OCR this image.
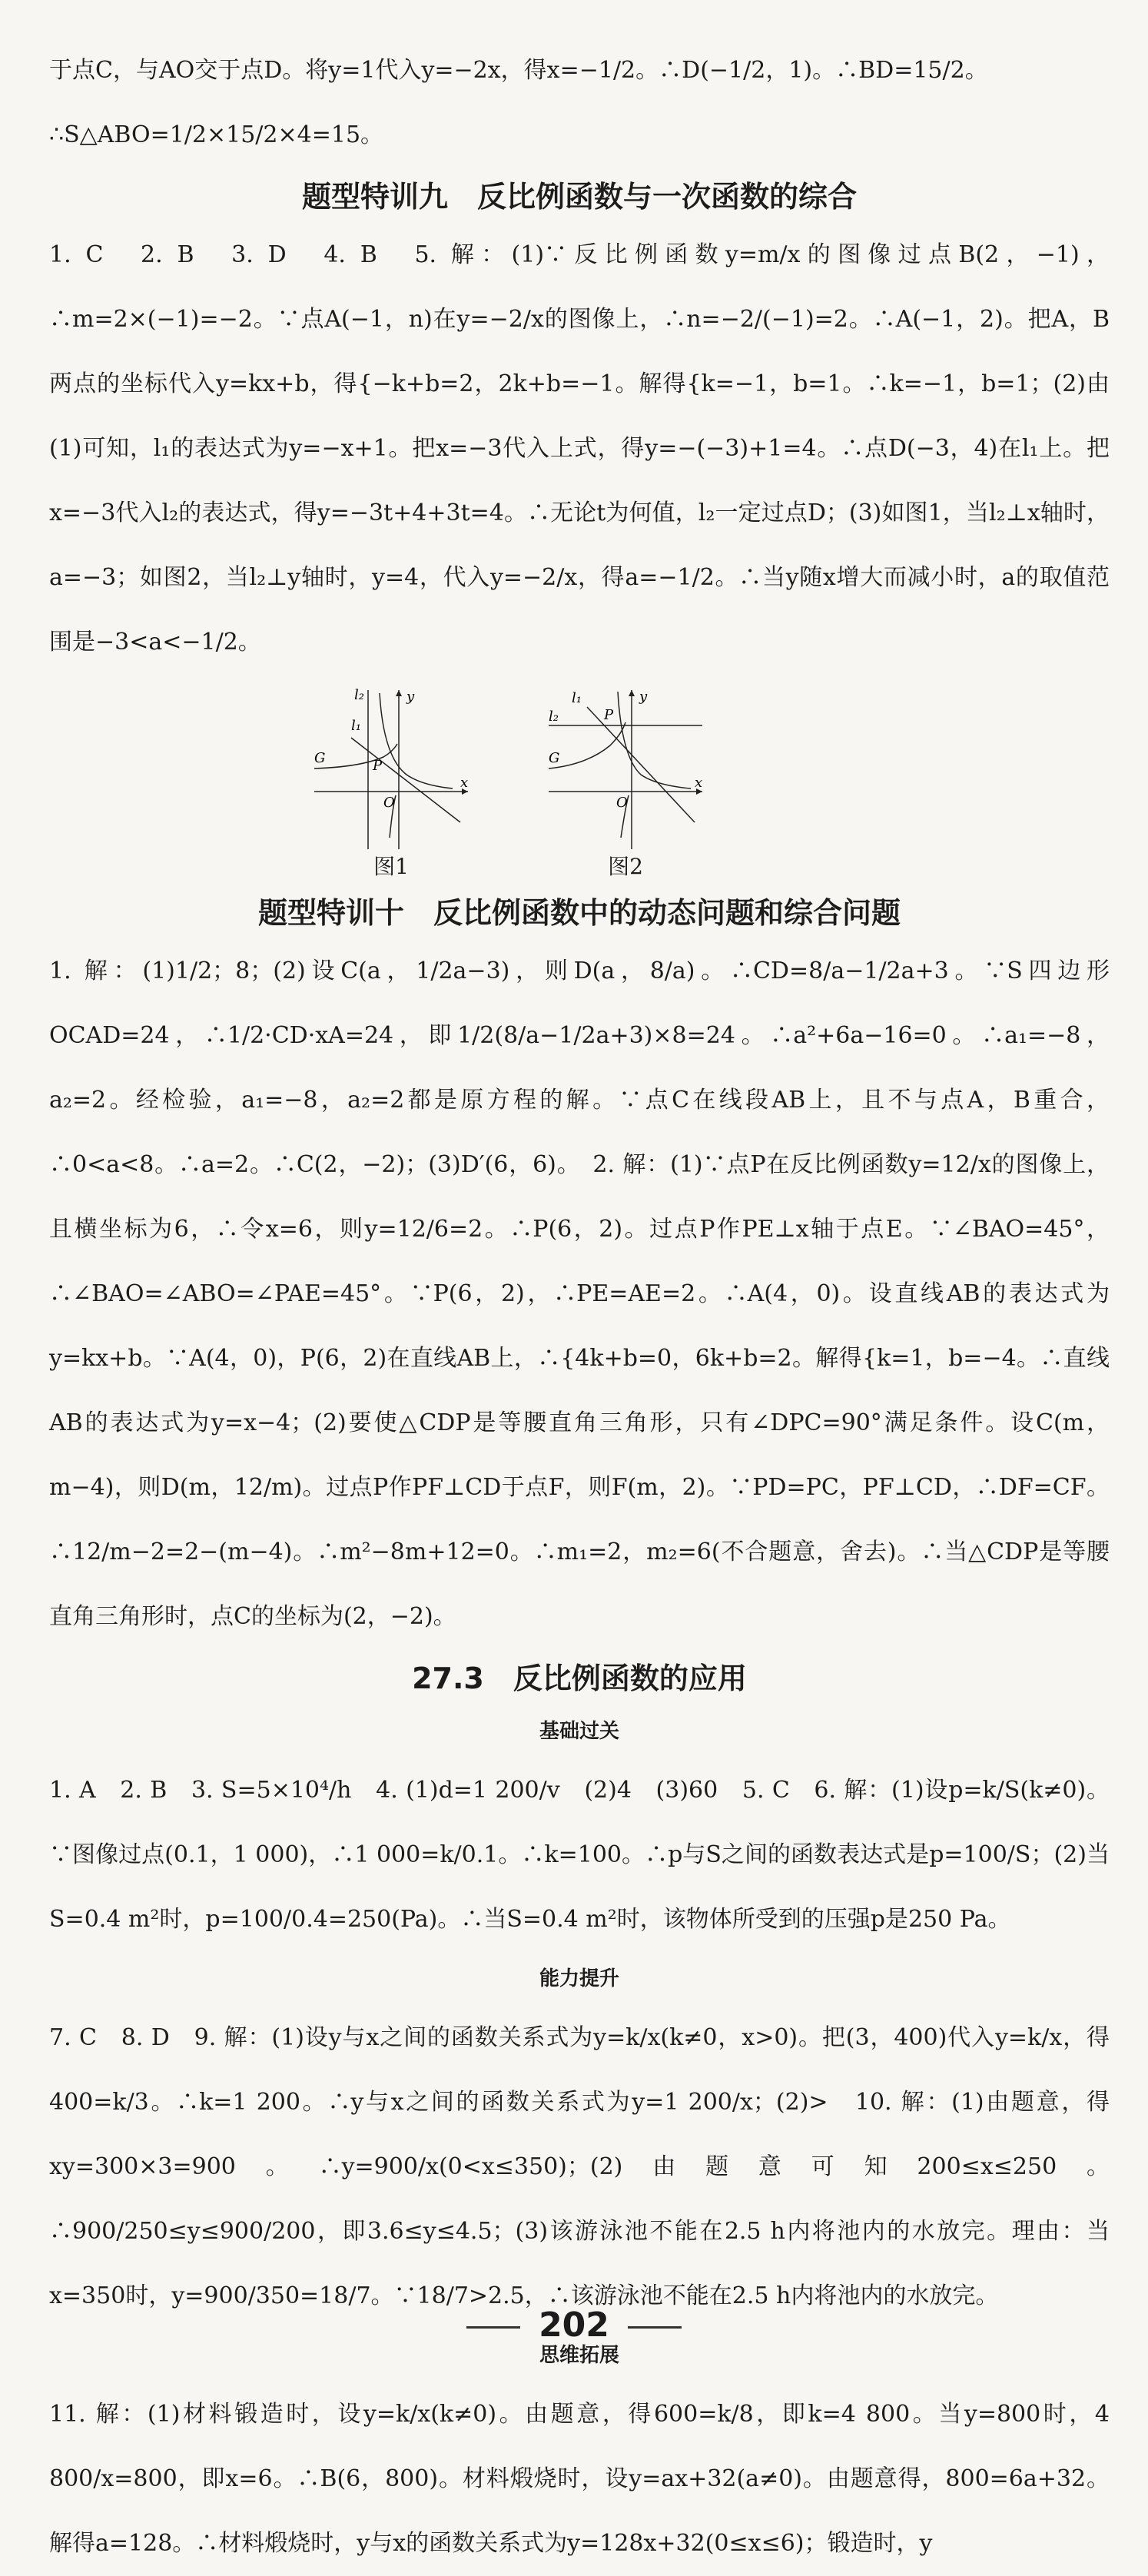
于点C，与AO交于点D。将y=1代入y=−2x，得x=−1/2。∴D(−1/2，1)。∴BD=15/2。

∴S△ABO=1/2×15/2×4=15。

题型特训九　反比例函数与一次函数的综合

1. C　2. B　3. D　4. B　5. 解：(1)∵反比例函数y=m/x的图像过点B(2，−1)，∴m=2×(−1)=−2。∵点A(−1，n)在y=−2/x的图像上，∴n=−2/(−1)=2。∴A(−1，2)。把A，B两点的坐标代入y=kx+b，得{−k+b=2，2k+b=−1。解得{k=−1，b=1。∴k=−1，b=1；(2)由(1)可知，l₁的表达式为y=−x+1。把x=−3代入上式，得y=−(−3)+1=4。∴点D(−3，4)在l₁上。把x=−3代入l₂的表达式，得y=−3t+4+3t=4。∴无论t为何值，l₂一定过点D；(3)如图1，当l₂⊥x轴时，a=−3；如图2，当l₂⊥y轴时，y=4，代入y=−2/x，得a=−1/2。∴当y随x增大而减小时，a的取值范围是−3<a<−1/2。

l₂	y
l₁
P
G
O
x
图1
l₁	y
l₂	P
G
O
x
图2
题型特训十　反比例函数中的动态问题和综合问题

1. 解：(1)1/2；8；(2)设C(a，1/2a−3)，则D(a，8/a)。∴CD=8/a−1/2a+3。∵S四边形OCAD=24，∴1/2·CD·xA=24，即1/2(8/a−1/2a+3)×8=24。∴a²+6a−16=0。∴a₁=−8，a₂=2。经检验，a₁=−8，a₂=2都是原方程的解。∵点C在线段AB上，且不与点A，B重合，∴0<a<8。∴a=2。∴C(2，−2)；(3)D′(6，6)。　2. 解：(1)∵点P在反比例函数y=12/x的图像上，且横坐标为6，∴令x=6，则y=12/6=2。∴P(6，2)。过点P作PE⊥x轴于点E。∵∠BAO=45°，∴∠BAO=∠ABO=∠PAE=45°。∵P(6，2)，∴PE=AE=2。∴A(4，0)。设直线AB的表达式为y=kx+b。∵A(4，0)，P(6，2)在直线AB上，∴{4k+b=0，6k+b=2。解得{k=1，b=−4。∴直线AB的表达式为y=x−4；(2)要使△CDP是等腰直角三角形，只有∠DPC=90°满足条件。设C(m，m−4)，则D(m，12/m)。过点P作PF⊥CD于点F，则F(m，2)。∵PD=PC，PF⊥CD，∴DF=CF。∴12/m−2=2−(m−4)。∴m²−8m+12=0。∴m₁=2，m₂=6(不合题意，舍去)。∴当△CDP是等腰直角三角形时，点C的坐标为(2，−2)。

27.3　反比例函数的应用
基础过关

1. A　2. B　3. S=5×10⁴/h　4. (1)d=1 200/v　(2)4　(3)60　5. C　6. 解：(1)设p=k/S(k≠0)。∵图像过点(0.1，1 000)，∴1 000=k/0.1。∴k=100。∴p与S之间的函数表达式是p=100/S；(2)当S=0.4 m²时，p=100/0.4=250(Pa)。∴当S=0.4 m²时，该物体所受到的压强p是250 Pa。

能力提升

7. C　8. D　9. 解：(1)设y与x之间的函数关系式为y=k/x(k≠0，x>0)。把(3，400)代入y=k/x，得400=k/3。∴k=1 200。∴y与x之间的函数关系式为y=1 200/x；(2)>　10. 解：(1)由题意，得xy=300×3=900。∴y=900/x(0<x≤350)；(2)由题意可知200≤x≤250。∴900/250≤y≤900/200，即3.6≤y≤4.5；(3)该游泳池不能在2.5 h内将池内的水放完。理由：当x=350时，y=900/350=18/7。∵18/7>2.5，∴该游泳池不能在2.5 h内将池内的水放完。

思维拓展

11. 解：(1)材料锻造时，设y=k/x(k≠0)。由题意，得600=k/8，即k=4 800。当y=800时，4 800/x=800，即x=6。∴B(6，800)。材料煅烧时，设y=ax+32(a≠0)。由题意得，800=6a+32。解得a=128。∴材料煅烧时，y与x的函数关系式为y=128x+32(0≤x≤6)；锻造时，y

202
